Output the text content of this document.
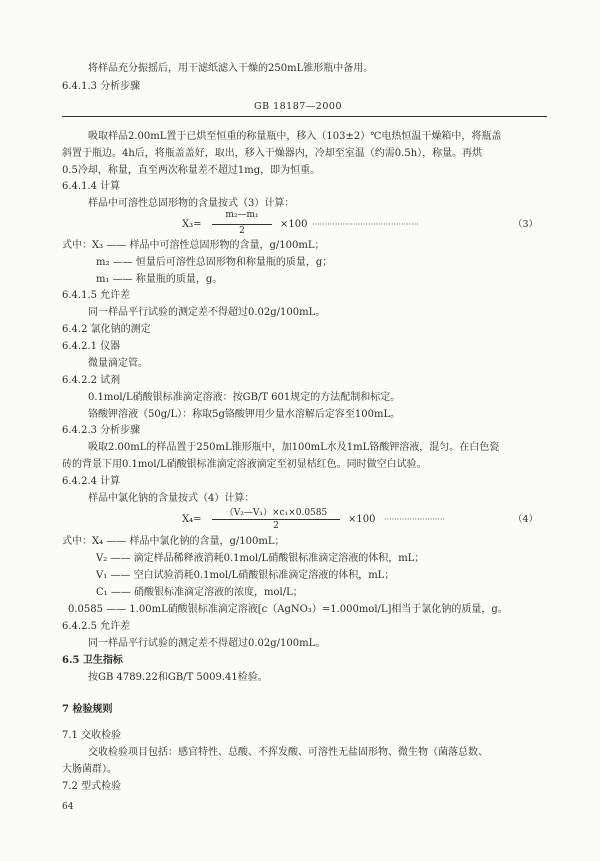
将样品充分振摇后，用干滤纸滤入干燥的250mL锥形瓶中备用。
6.4.1.3 分析步骤
GB 18187—2000
吸取样品2.00mL置于已烘至恒重的称量瓶中，移入（103±2）℃电热恒温干燥箱中，将瓶盖
斜置于瓶边。4h后，将瓶盖盖好，取出，移入干燥器内，冷却至室温（约需0.5h），称量。再烘
0.5冷却，称量，直至两次称量差不超过1mg，即为恒重。
6.4.1.4 计算
样品中可溶性总固形物的含量按式（3）计算：
X₃=
m₂—m₁
2
×100 ··········································	（3）
式中：X₃ —— 样品中可溶性总固形物的含量，g/100mL；
m₂ —— 恒量后可溶性总固形物和称量瓶的质量，g；
m₁ —— 称量瓶的质量，g。
6.4.1.5 允许差
同一样品平行试验的测定差不得超过0.02g/100mL。
6.4.2 氯化钠的测定
6.4.2.1 仪器
微量滴定管。
6.4.2.2 试剂
0.1mol/L硝酸银标准滴定溶液：按GB/T 601规定的方法配制和标定。
铬酸钾溶液（50g/L）：称取5g铬酸钾用少量水溶解后定容至100mL。
6.4.2.3 分析步骤
吸取2.00mL的样品置于250mL锥形瓶中，加100mL水及1mL铬酸钾溶液，混匀。在白色瓷
砖的背景下用0.1mol/L硝酸银标准滴定溶液滴定至初显桔红色。同时做空白试验。
6.4.2.4 计算
样品中氯化钠的含量按式（4）计算：
X₄=
（V₂—V₁）×c₁×0.0585
2
×100 ························	（4）
式中：X₄ —— 样品中氯化钠的含量，g/100mL；
V₂ —— 滴定样品稀释液消耗0.1mol/L硝酸银标准滴定溶液的体积，mL；
V₁ —— 空白试验消耗0.1mol/L硝酸银标准滴定溶液的体积，mL；
C₁ —— 硝酸银标准滴定溶液的浓度，mol/L；
0.0585 —— 1.00mL硝酸银标准滴定溶液[c（AgNO₃）=1.000mol/L]相当于氯化钠的质量，g。
6.4.2.5 允许差
同一样品平行试验的测定差不得超过0.02g/100mL。
6.5 卫生指标
按GB 4789.22和GB/T 5009.41检验。
7 检验规则
7.1 交收检验
交收检验项目包括：感官特性、总酸、不挥发酸、可溶性无盐固形物、微生物（菌落总数、
大肠菌群）。
7.2 型式检验
64
